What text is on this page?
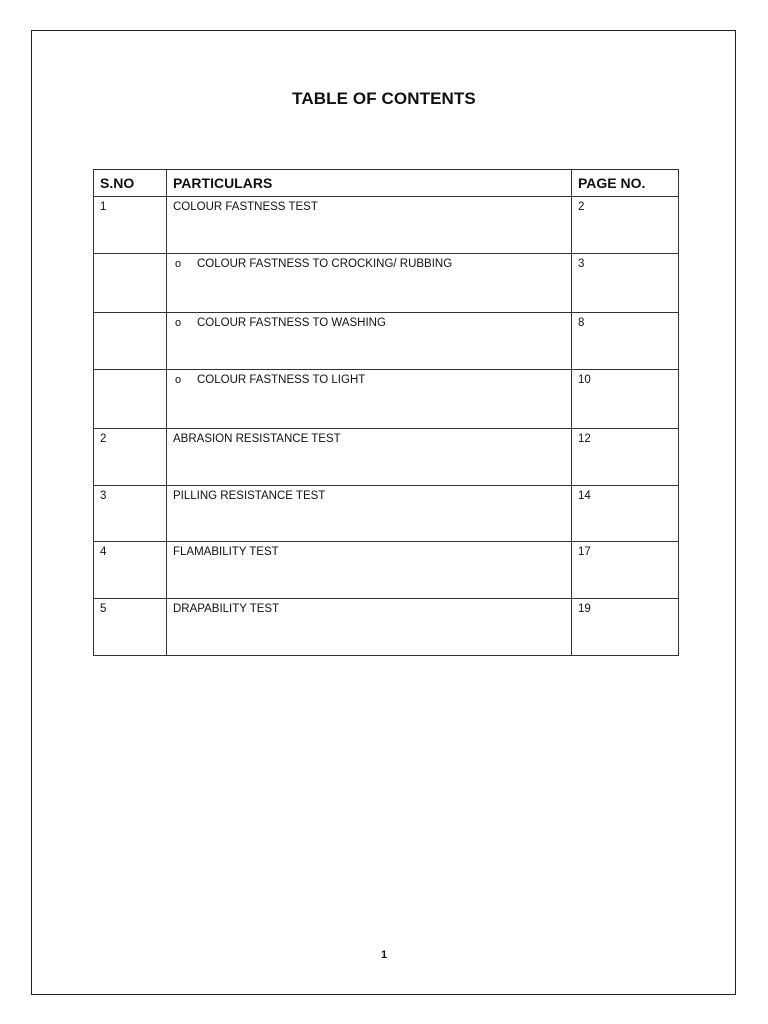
TABLE OF CONTENTS
S.NO	PARTICULARS	PAGE NO.
1	COLOUR FASTNESS TEST	2
	o COLOUR FASTNESS TO CROCKING/ RUBBING	3
	o COLOUR FASTNESS TO WASHING	8
	o COLOUR FASTNESS TO LIGHT	10
2	ABRASION RESISTANCE TEST	12
3	PILLING RESISTANCE TEST	14
4	FLAMABILITY TEST	17
5	DRAPABILITY TEST	19
1
